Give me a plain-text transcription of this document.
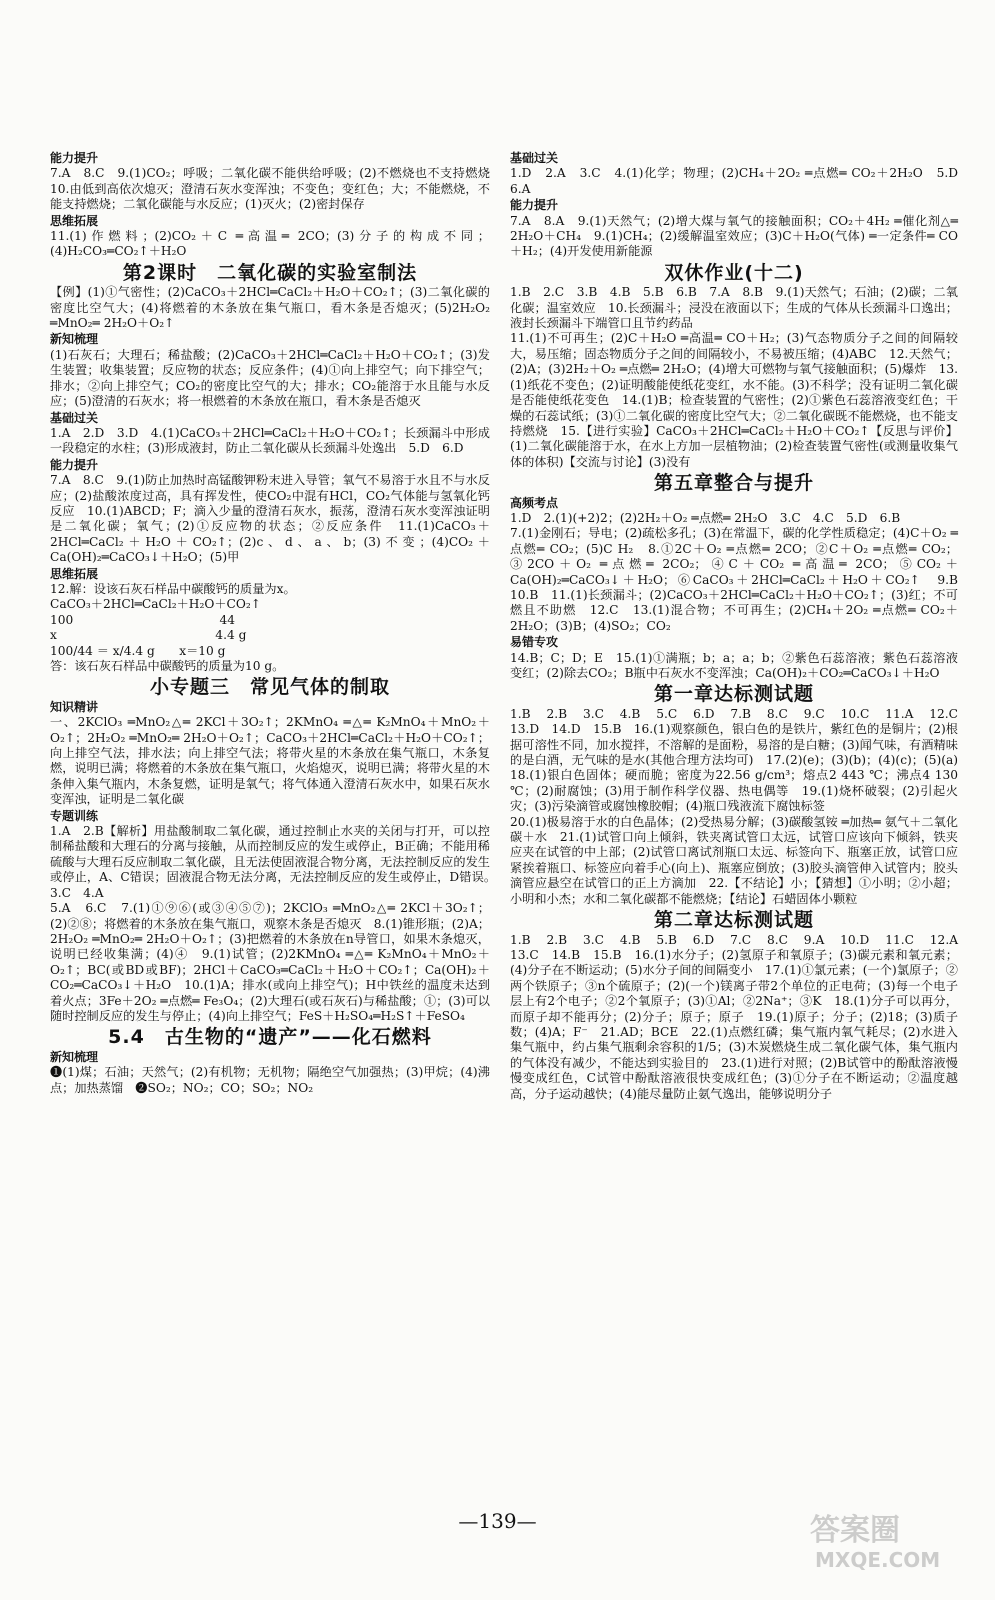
能力提升

7.A　8.C　9.(1)CO₂；呼吸；二氧化碳不能供给呼吸；(2)不燃烧也不支持燃烧　10.由低到高依次熄灭；澄清石灰水变浑浊；不变色；变红色；大；不能燃烧，不能支持燃烧；二氧化碳能与水反应；(1)灭火；(2)密封保存

思维拓展

11.(1)作燃料；(2)CO₂＋C ═高温═ 2CO；(3)分子的构成不同；(4)H₂CO₃═CO₂↑＋H₂O

第2课时　二氧化碳的实验室制法

【例】(1)①气密性；(2)CaCO₃＋2HCl═CaCl₂＋H₂O＋CO₂↑；(3)二氧化碳的密度比空气大；(4)将燃着的木条放在集气瓶口，看木条是否熄灭；(5)2H₂O₂ ═MnO₂═ 2H₂O＋O₂↑

新知梳理

(1)石灰石；大理石；稀盐酸；(2)CaCO₃＋2HCl═CaCl₂＋H₂O＋CO₂↑；(3)发生装置；收集装置；反应物的状态；反应条件；(4)①向上排空气；向下排空气；排水；②向上排空气；CO₂的密度比空气的大；排水；CO₂能溶于水且能与水反应；(5)澄清的石灰水；将一根燃着的木条放在瓶口，看木条是否熄灭

基础过关

1.A　2.D　3.D　4.(1)CaCO₃＋2HCl═CaCl₂＋H₂O＋CO₂↑；长颈漏斗中形成一段稳定的水柱；(3)形成液封，防止二氧化碳从长颈漏斗处逸出　5.D　6.D

能力提升

7.A　8.C　9.(1)防止加热时高锰酸钾粉末进入导管；氧气不易溶于水且不与水反应；(2)盐酸浓度过高，具有挥发性，使CO₂中混有HCl，CO₂气体能与氢氧化钙反应　10.(1)ABCD；F；滴入少量的澄清石灰水，振荡，澄清石灰水变浑浊证明是二氧化碳；氧气；(2)①反应物的状态；②反应条件　11.(1)CaCO₃＋2HCl═CaCl₂＋H₂O＋CO₂↑；(2)c、d、a、b；(3)不变；(4)CO₂＋Ca(OH)₂═CaCO₃↓＋H₂O；(5)甲

思维拓展

12.解：设该石灰石样品中碳酸钙的质量为x。

CaCO₃＋2HCl═CaCl₂＋H₂O＋CO₂↑
100　　　　　　　　　　　　44
x　　　　　　　　　　　　　4.4 g
100/44 ＝ x/4.4 g　　x＝10 g
答：该石灰石样品中碳酸钙的质量为10 g。

小专题三　常见气体的制取
知识精讲

一、2KClO₃ ═MnO₂△═ 2KCl＋3O₂↑；2KMnO₄ ═△═ K₂MnO₄＋MnO₂＋O₂↑；2H₂O₂ ═MnO₂═ 2H₂O＋O₂↑；CaCO₃＋2HCl═CaCl₂＋H₂O＋CO₂↑；向上排空气法，排水法；向上排空气法；将带火星的木条放在集气瓶口，木条复燃，说明已满；将燃着的木条放在集气瓶口，火焰熄灭，说明已满；将带火星的木条伸入集气瓶内，木条复燃，证明是氧气；将气体通入澄清石灰水中，如果石灰水变浑浊，证明是二氧化碳

专题训练

1.A　2.B【解析】用盐酸制取二氧化碳，通过控制止水夹的关闭与打开，可以控制稀盐酸和大理石的分离与接触，从而控制反应的发生或停止，B正确；不能用稀硫酸与大理石反应制取二氧化碳，且无法使固液混合物分离，无法控制反应的发生或停止，A、C错误；固液混合物无法分离，无法控制反应的发生或停止，D错误。　3.C　4.A

5.A　6.C　7.(1)①⑨⑥(或③④⑤⑦)；2KClO₃ ═MnO₂△═ 2KCl＋3O₂↑；(2)②⑧；将燃着的木条放在集气瓶口，观察木条是否熄灭　8.(1)锥形瓶；(2)A；2H₂O₂ ═MnO₂═ 2H₂O＋O₂↑；(3)把燃着的木条放在n导管口，如果木条熄灭，说明已经收集满；(4)④　9.(1)试管；(2)2KMnO₄ ═△═ K₂MnO₄＋MnO₂＋O₂↑；BC(或BD或BF)；2HCl＋CaCO₃═CaCl₂＋H₂O＋CO₂↑；Ca(OH)₂＋CO₂═CaCO₃↓＋H₂O　10.(1)A；排水(或向上排空气)；H中铁丝的温度未达到着火点；3Fe＋2O₂ ═点燃═ Fe₃O₄；(2)大理石(或石灰石)与稀盐酸；①；(3)可以随时控制反应的发生与停止；(4)向上排空气；FeS＋H₂SO₄═H₂S↑＋FeSO₄

5.4　古生物的“遗产”——化石燃料
新知梳理

❶(1)煤；石油；天然气；(2)有机物；无机物；隔绝空气加强热；(3)甲烷；(4)沸点；加热蒸馏　❷SO₂；NO₂；CO；SO₂；NO₂

基础过关

1.D　2.A　3.C　4.(1)化学；物理；(2)CH₄＋2O₂ ═点燃═ CO₂＋2H₂O　5.D　6.A

能力提升

7.A　8.A　9.(1)天然气；(2)增大煤与氧气的接触面积；CO₂＋4H₂ ═催化剂△═ 2H₂O＋CH₄　9.(1)CH₄；(2)缓解温室效应；(3)C＋H₂O(气体) ═一定条件═ CO＋H₂；(4)开发使用新能源

双休作业(十二)

1.B　2.C　3.B　4.B　5.B　6.B　7.A　8.B　9.(1)天然气；石油；(2)碳；二氧化碳；温室效应　10.长颈漏斗；浸没在液面以下；生成的气体从长颈漏斗口逸出；液封长颈漏斗下端管口且节约药品

11.(1)不可再生；(2)C＋H₂O ═高温═ CO＋H₂；(3)气态物质分子之间的间隔较大，易压缩；固态物质分子之间的间隔较小，不易被压缩；(4)ABC　12.天然气；(2)A；(3)2H₂＋O₂ ═点燃═ 2H₂O；(4)增大可燃物与氧气接触面积；(5)爆炸　13.(1)纸花不变色；(2)证明酸能使纸花变红，水不能。(3)不科学；没有证明二氧化碳是否能使纸花变色　14.(1)B；检查装置的气密性；(2)①紫色石蕊溶液变红色；干燥的石蕊试纸；(3)①二氧化碳的密度比空气大；②二氧化碳既不能燃烧，也不能支持燃烧　15.【进行实验】CaCO₃＋2HCl═CaCl₂＋H₂O＋CO₂↑【反思与评价】(1)二氧化碳能溶于水，在水上方加一层植物油；(2)检查装置气密性(或测量收集气体的体积)【交流与讨论】(3)没有

第五章整合与提升
高频考点

1.D　2.(1)(+2)2；(2)2H₂＋O₂ ═点燃═ 2H₂O　3.C　4.C　5.D　6.B

7.(1)金刚石；导电；(2)疏松多孔；(3)在常温下，碳的化学性质稳定；(4)C＋O₂ ═点燃═ CO₂；(5)C H₂　8.①2C＋O₂ ═点燃═ 2CO；②C＋O₂ ═点燃═ CO₂；③2CO＋O₂ ═点燃═ 2CO₂；④C＋CO₂ ═高温═ 2CO；⑤CO₂＋Ca(OH)₂═CaCO₃↓＋H₂O；⑥CaCO₃＋2HCl═CaCl₂＋H₂O＋CO₂↑　9.B　10.B　11.(1)长颈漏斗；(2)CaCO₃＋2HCl═CaCl₂＋H₂O＋CO₂↑；(3)红；不可燃且不助燃　12.C　13.(1)混合物；不可再生；(2)CH₄＋2O₂ ═点燃═ CO₂＋2H₂O；(3)B；(4)SO₂；CO₂

易错专攻

14.B；C；D；E　15.(1)①满瓶；b；a；a；b；②紫色石蕊溶液；紫色石蕊溶液变红；(2)除去CO₂；B瓶中石灰水不变浑浊；Ca(OH)₂＋CO₂═CaCO₃↓＋H₂O

第一章达标测试题

1.B　2.B　3.C　4.B　5.C　6.D　7.B　8.C　9.C　10.C　11.A　12.C　13.D　14.D　15.B　16.(1)观察颜色，银白色的是铁片，紫红色的是铜片；(2)根据可溶性不同，加水搅拌，不溶解的是面粉，易溶的是白糖；(3)闻气味，有酒精味的是白酒，无气味的是水(其他合理方法均可)　17.(2)(e)；(3)(b)；(4)(c)；(5)(a)　18.(1)银白色固体；硬而脆；密度为22.56 g/cm³；熔点2 443 ℃；沸点4 130 ℃；(2)耐腐蚀；(3)用于制作科学仪器、热电偶等　19.(1)烧杯破裂；(2)引起火灾；(3)污染滴管或腐蚀橡胶帽；(4)瓶口残液流下腐蚀标签

20.(1)极易溶于水的白色晶体；(2)受热易分解；(3)碳酸氢铵 ═加热═ 氨气＋二氧化碳＋水　21.(1)试管口向上倾斜，铁夹离试管口太远，试管口应该向下倾斜，铁夹应夹在试管的中上部；(2)试管口离试剂瓶口太远、标签向下、瓶塞正放，试管口应紧挨着瓶口、标签应向着手心(向上)、瓶塞应倒放；(3)胶头滴管伸入试管内；胶头滴管应悬空在试管口的正上方滴加　22.【不结论】小；【猜想】①小明；②小超；小明和小杰；水和二氧化碳都不能燃烧；【结论】石蜡固体小颗粒

第二章达标测试题

1.B　2.B　3.C　4.B　5.B　6.D　7.C　8.C　9.A　10.D　11.C　12.A　13.C　14.B　15.B　16.(1)水分子；(2)氢原子和氧原子；(3)碳元素和氧元素；(4)分子在不断运动；(5)水分子间的间隔变小　17.(1)①氯元素；(一个)氯原子；②两个铁原子；③n个硫原子；(2)(一个)镁离子带2个单位的正电荷；(3)每一个电子层上有2个电子；②2个氧原子；(3)①Al；②2Na⁺；③K　18.(1)分子可以再分，而原子却不能再分；(2)分子；原子；原子　19.(1)原子；分子；(2)18；(3)质子数；(4)A；F⁻　21.AD；BCE　22.(1)点燃红磷；集气瓶内氧气耗尽；(2)水进入集气瓶中，约占集气瓶剩余容积的1/5；(3)木炭燃烧生成二氧化碳气体，集气瓶内的气体没有减少，不能达到实验目的　23.(1)进行对照；(2)B试管中的酚酞溶液慢慢变成红色，C试管中酚酞溶液很快变成红色；(3)①分子在不断运动；②温度越高，分子运动越快；(4)能尽量防止氨气逸出，能够说明分子

—139—	答案圈
MXQE.COM
